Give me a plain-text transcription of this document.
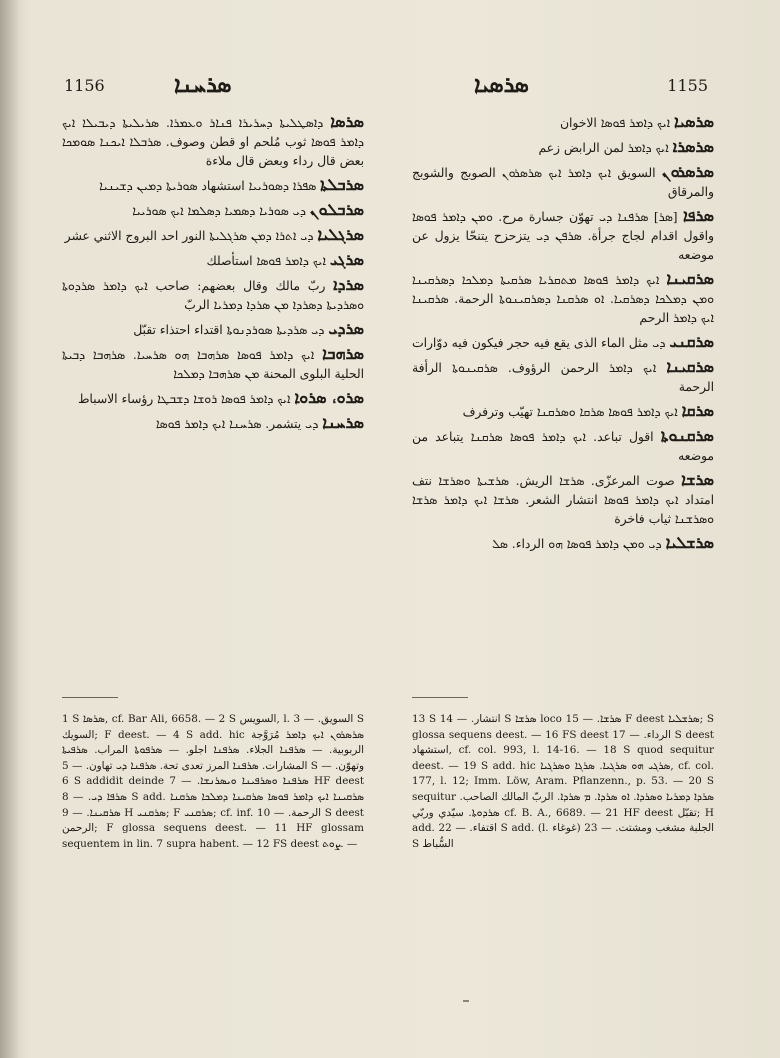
1156	ܣܪܚܢܐ	ܣܪܣܝܐ	1155

ܣܪܣܐ ܕܐܣܛܠܝܬܐ ܕܚܪܝܪܐ ܦܢܐܪ ܘܥܡܪܐ. ܣܪܝܠܝܬܐ ܕܝܒܝܠܐ ܐܝܟ ܕܐܡܪ ܦܘܣܐ ثوب مُلحم او قطن وصوف. ܣܪܒܠܐ ܐܝܟܢܐ ܣܘܡܟܐ بعض قال رداء وبعض قال ملاءة

ܣܪܒܠܬܐ ܣܦܪܐ ܕܣܘܪܝܝܐ استشهاد ܣܘܪܝܬܐ ܕܡܝܢ ܕܫܝܢܝܐ

ܣܪܒܠܘܢ ܕܝ ܣܘܪܝܐ ܕܣܡܝܐ ܕܣܠܡܐ ܐܝܟ ܣܘܪܝܝܐ

ܣܪܓܠܝܐ ܕܝ ܐܬܪܐ ܕܡܢ ܣܪܓܠܝܬܐ النور احد البروج الاثني عشر

ܣܪܓܝ ܐܝܟ ܕܐܡܪ ܦܘܣܐ استأصلك

ܣܪܕܐ ربّ مالك وقال بعضهم: صاحب ܐܝܟ ܕܐܡܪ ܣܪܕܘܬܐ ܘܣܪܕܝܬܐ ܕܣܪܕܐ ܡܢ ܣܪܕܐ ܕܡܪܝܐ الربّ

ܣܪܕܝ ܕܝ ܣܪܕܝܬܐ ܣܘܪܕܢܘܬܐ اقتداء احتذاء تقبّل

ܣܪܗܒܐ ܐܝܟ ܕܐܡܪ ܦܘܣܐ ܣܪܗܒܐ ܗܘ ܣܪܚܝܐ. ܣܪܗܒܐ ܕܒܝܬܐ الحلية البلوى المحنة ܡܢ ܣܪܗܒܐ ܕܡܠܟܐ

ܣܪܘ، ܣܪܘܐ ܐܝܟ ܕܐܡܪ ܦܘܣܐ ܪܘܫܐ ܕܫܒܛܐ رؤساء الاسباط

ܣܪܚܢܐ ܕܝ يتشمر. ܣܪܚܢܐ ܐܝܟ ܕܐܡܪ ܦܘܣܐ

ܣܪܣܝܐ ܐܝܟ ܕܐܡܪ ܦܘܣܐ الاخوان

ܣܪܣܪܐ ܐܝܟ ܕܐܡܪ لمن الرابض زعم

ܣܪܣܪܘܢ السويق ܐܝܟ ܕܐܡܪ ܐܝܟ ܣܪܣܪܘܢ الصوبج والشوبج والمرقاق

ܣܪܦܐ [ܣܪ] ܣܪܦܢܐ ܕܝ تهوّن جسارة مرح. ܘܡܢ ܕܐܡܪ ܦܘܣܐ واقول اقدام لجاج جرأة. ܣܪܦܢ ܕܝ يتزحزح يتنحّا يزول عن موضعه

ܣܪܩܝܢܐ ܐܝܟ ܕܐܡܪ ܦܘܣܐ ܡܬܩܪܝܐ ܣܪܩܝܬܐ ܕܡܠܟܐ ܕܣܪܩܝܢܐ ܘܡܢ ܕܡܠܟܐ ܕܣܪܩܝܐ. ܐܘ ܣܪܩܢܐ ܕܣܪܩܝܢܘܬܐ الرحمة. ܣܪܩܝܢܐ ܐܝܟ ܕܐܡܪ الرحم

ܣܪܩܢܝ ܕܝ مثل الماء الذى يقع فيه حجر فيكون فيه دوّارات

ܣܪܩܝܢܐ ܐܝܟ ܕܐܡܪ الرحمن الرؤوف. ܣܪܩܝܢܘܬܐ الرأفة الرحمة

ܣܪܩܐ ܐܝܟ ܕܐܡܪ ܦܘܣܐ ܣܪܩܐ ܘܣܪܩܢܐ تهيّب وترفرف

ܣܪܩܢܘܬܐ اقول تباعد. ܐܝܟ ܕܐܡܪ ܦܘܣܐ ܣܪܩܢܐ يتباعد من موضعه

ܣܪܫܐ صوت المرعزّى. ܣܪܫܐ الريش. ܣܪܫܝܬܐ ܘܣܪܫܐ نتف امتداد ܐܝܟ ܕܐܡܪ ܦܘܣܐ انتشار الشعر. ܣܪܫܐ ܐܝܟ ܕܐܡܪ ܣܪܫܐ ܘܣܪܫܢܐ ثياب فاخرة

ܣܪܫܠܝܐ ܕܝ ܘܡܢ ܕܐܡܪ ܦܘܣܐ ܗܘ الرداء. ܣܠ

1 S ܣܪܣܐ, cf. Bar Ali, 6658. — 2 S السويس, l. السويق. — 3 S السويك; F deest. — 4 S add. hic ܣܪܣܪܘܢ ܐܝܟ ܕܐܡܪ مُرَوَّجة الربوبية. — ܣܪܦܢܐ الجلاء. ܣܪܦܢܐ اجلو. — ܣܪܦܘܬܐ المراب. ܣܪܦܝܬܐ المشارات. ܣܪܦܢܐ المرز تعدى تحة. ܣܪܦܢܐ ܕܝ تهاون. — 5 S وتهوّن. — 6 S addidit deinde ܣܪܦܢܐ ܘܣܪܦܝܢܐ ܘܝܣܪܢܫܐ. — 7 HF deest ܣܪܦܐ ܕܝ. — 8 S add. ܣܪܩܝܢܐ ܐܝܟ ܕܐܡܪ ܦܘܣܐ ܣܪܩܝܢܐ ܕܡܠܟܐ ܣܪܩܢܐ ܣܪܩܝܢܐ. — 9 H ܣܪܩܢܝ; F ܣܪܩܢܝ; cf. inf. الرحمة. — 10 S deest الرحمن; F glossa sequens deest. — 11 HF glossam sequentem in lin. 7 supra habent. — 12 FS deest ܨܘܬ. —
13 S انتشار. — 14 S ܣܪܫܐ loco ܣܪܫܐ. — 15 F deest ܣܪܫܠܝܐ; S glossa sequens deest. — 16 FS deest الرداء. — 17 S deest استشهاد, cf. col. 993, l. 14-16. — 18 S quod sequitur deest. — 19 S add. hic ܣܪܓܝ ܗܘ ܣܪܓܝܐ. ܣܪܓܐ ܘܣܪܓܝܐ, cf. col. 177, l. 12; Imm. Löw, Aram. Pflanzenn., p. 53. — 20 S sequitur ܣܪܕܐ ܕܡܪܝܐ ܘܣܪܕܐ. ܐܘ ܣܪܕܐ. ܡ ܣܪܕܐ. الربّ المالك الصاحب. ܣܪܕܘܬܐ. سيّدي وربّي cf. B. A., 6689. — 21 HF deest تقبّل; H add. اقتفاء. — 22 S add. (l. غوغاء) الجلبة مشغب ومشتت. — 23 S السُّباط
